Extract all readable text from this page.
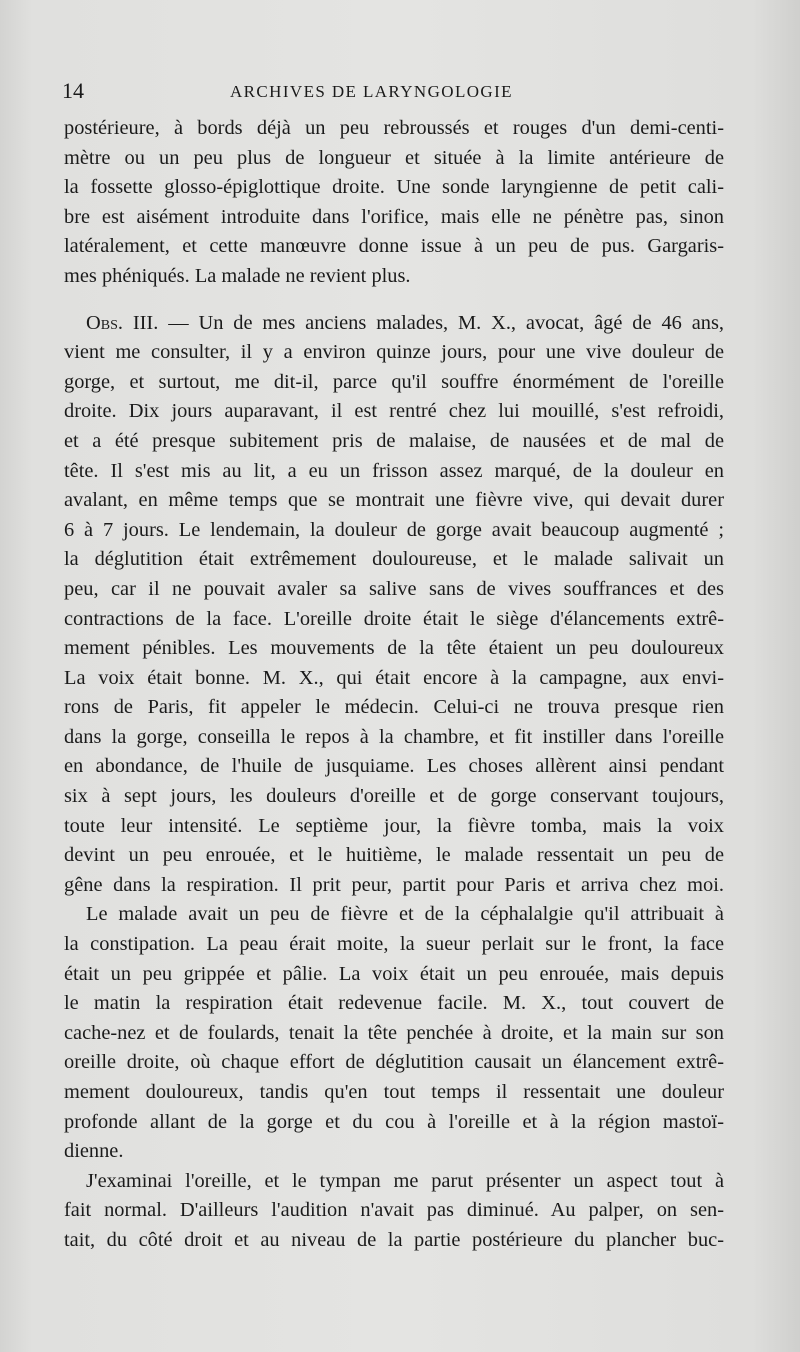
14	ARCHIVES DE LARYNGOLOGIE
postérieure, à bords déjà un peu rebroussés et rouges d'un demi-centi-
mètre ou un peu plus de longueur et située à la limite antérieure de
la fossette glosso-épiglottique droite. Une sonde laryngienne de petit cali-
bre est aisément introduite dans l'orifice, mais elle ne pénètre pas, sinon
latéralement, et cette manœuvre donne issue à un peu de pus. Gargaris-
mes phéniqués. La malade ne revient plus.
Obs. III. — Un de mes anciens malades, M. X., avocat, âgé de 46 ans,
vient me consulter, il y a environ quinze jours, pour une vive douleur de
gorge, et surtout, me dit-il, parce qu'il souffre énormément de l'oreille
droite. Dix jours auparavant, il est rentré chez lui mouillé, s'est refroidi,
et a été presque subitement pris de malaise, de nausées et de mal de
tête. Il s'est mis au lit, a eu un frisson assez marqué, de la douleur en
avalant, en même temps que se montrait une fièvre vive, qui devait durer
6 à 7 jours. Le lendemain, la douleur de gorge avait beaucoup augmenté ;
la déglutition était extrêmement douloureuse, et le malade salivait un
peu, car il ne pouvait avaler sa salive sans de vives souffrances et des
contractions de la face. L'oreille droite était le siège d'élancements extrê-
mement pénibles. Les mouvements de la tête étaient un peu douloureux
La voix était bonne. M. X., qui était encore à la campagne, aux envi-
rons de Paris, fit appeler le médecin. Celui-ci ne trouva presque rien
dans la gorge, conseilla le repos à la chambre, et fit instiller dans l'oreille
en abondance, de l'huile de jusquiame. Les choses allèrent ainsi pendant
six à sept jours, les douleurs d'oreille et de gorge conservant toujours,
toute leur intensité. Le septième jour, la fièvre tomba, mais la voix
devint un peu enrouée, et le huitième, le malade ressentait un peu de
gêne dans la respiration. Il prit peur, partit pour Paris et arriva chez moi.
Le malade avait un peu de fièvre et de la céphalalgie qu'il attribuait à
la constipation. La peau érait moite, la sueur perlait sur le front, la face
était un peu grippée et pâlie. La voix était un peu enrouée, mais depuis
le matin la respiration était redevenue facile. M. X., tout couvert de
cache-nez et de foulards, tenait la tête penchée à droite, et la main sur son
oreille droite, où chaque effort de déglutition causait un élancement extrê-
mement douloureux, tandis qu'en tout temps il ressentait une douleur
profonde allant de la gorge et du cou à l'oreille et à la région mastoï-
dienne.
J'examinai l'oreille, et le tympan me parut présenter un aspect tout à
fait normal. D'ailleurs l'audition n'avait pas diminué. Au palper, on sen-
tait, du côté droit et au niveau de la partie postérieure du plancher buc-
